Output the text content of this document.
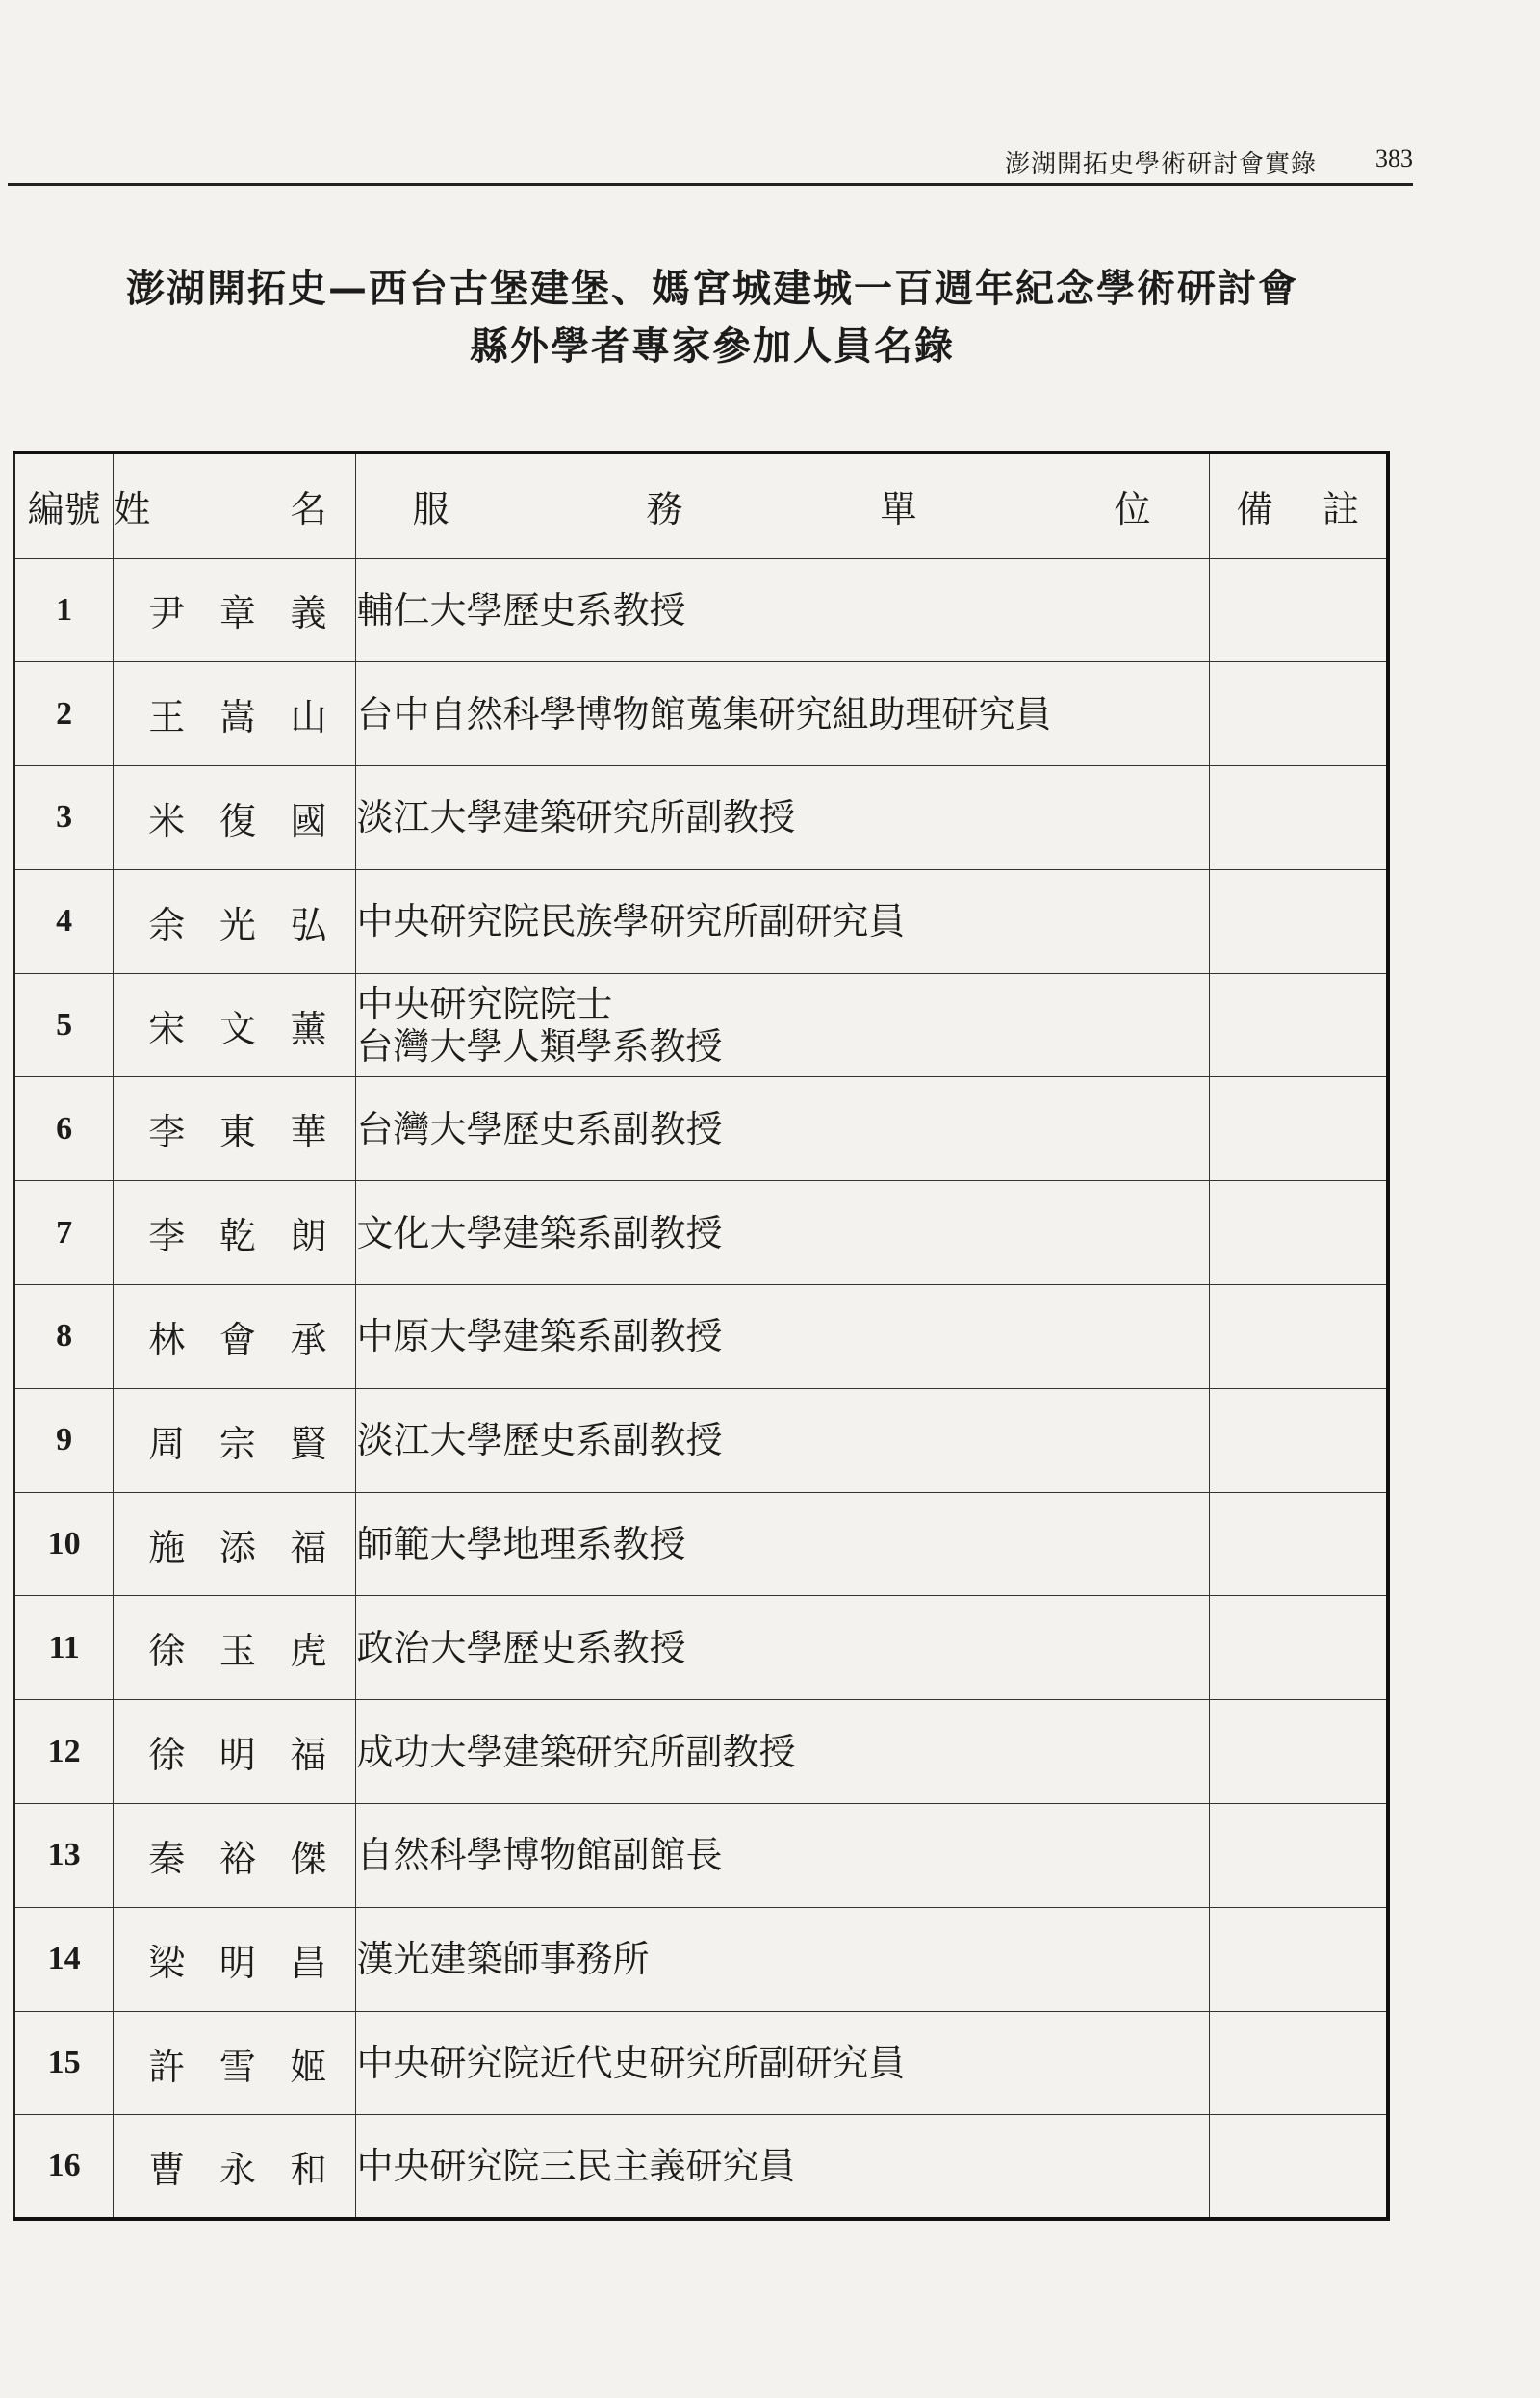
澎湖開拓史學術研討會實錄 383
澎湖開拓史—西台古堡建堡、媽宮城建城一百週年紀念學術研討會
縣外學者專家參加人員名錄
編號	姓 名	服 務 單 位	備 註

1	尹 章 義	輔仁大學歷史系教授	

2	王 嵩 山	台中自然科學博物館蒐集研究組助理研究員	

3	米 復 國	淡江大學建築研究所副教授	

4	余 光 弘	中央研究院民族學研究所副研究員	

5	宋 文 薰	中央研究院院士
台灣大學人類學系教授	

6	李 東 華	台灣大學歷史系副教授	

7	李 乾 朗	文化大學建築系副教授	

8	林 會 承	中原大學建築系副教授	

9	周 宗 賢	淡江大學歷史系副教授	

10	施 添 福	師範大學地理系教授	

11	徐 玉 虎	政治大學歷史系教授	

12	徐 明 福	成功大學建築研究所副教授	

13	秦 裕 傑	自然科學博物館副館長	

14	梁 明 昌	漢光建築師事務所	

15	許 雪 姬	中央研究院近代史研究所副研究員	

16	曹 永 和	中央研究院三民主義研究員	
